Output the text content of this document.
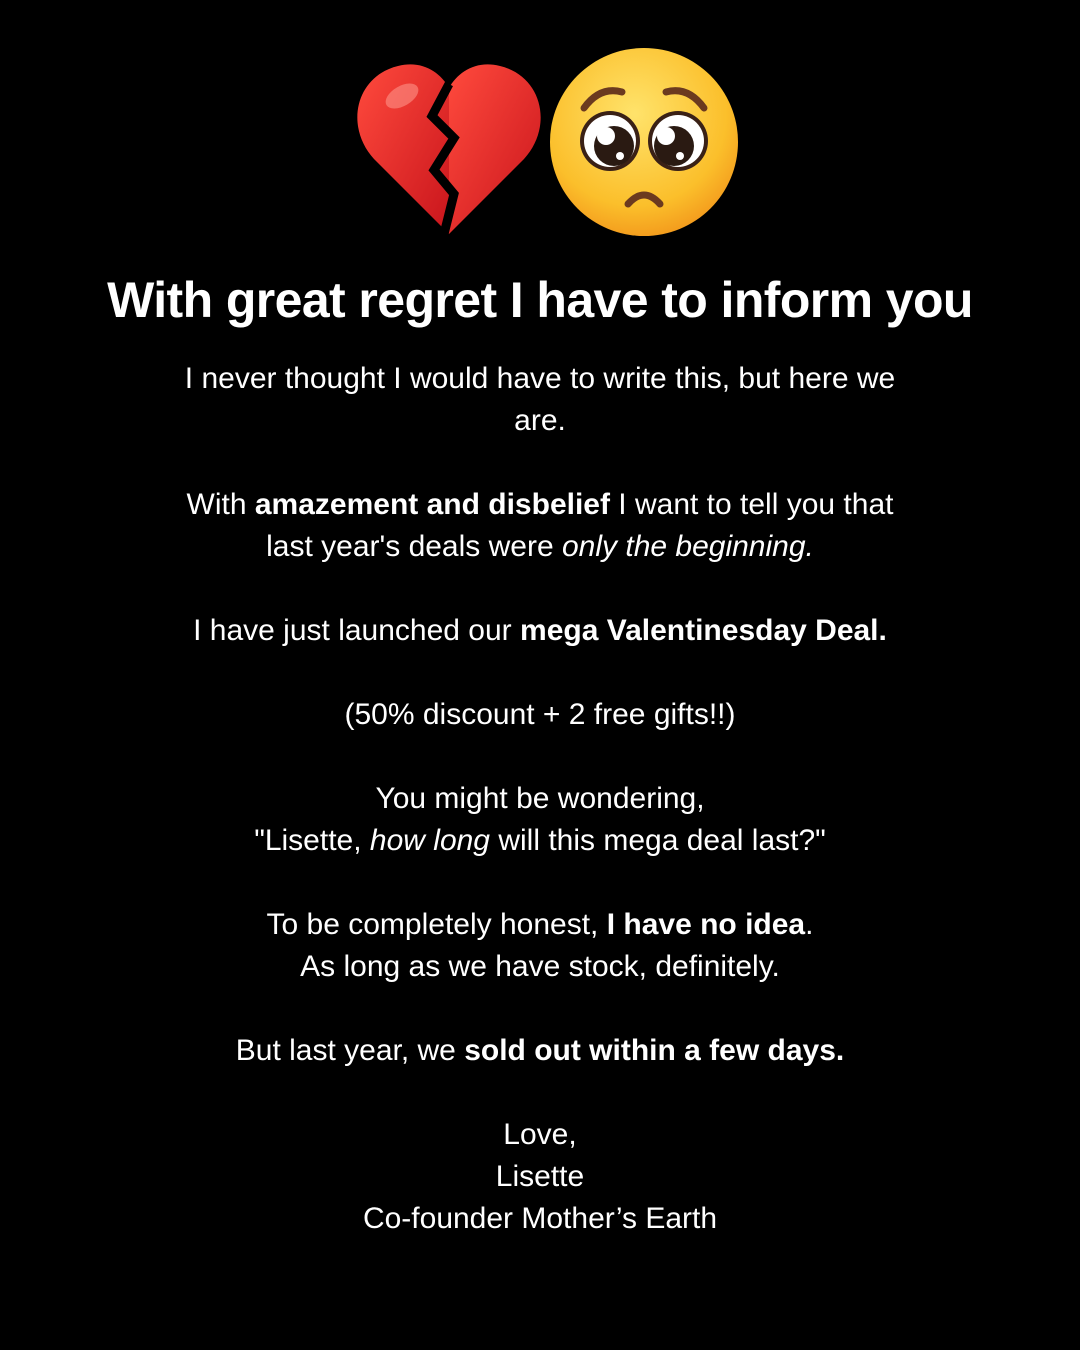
With great regret I have to inform you

I never thought I would have to write this, but here we
are.

With amazement and disbelief I want to tell you that
last year's deals were only the beginning.

I have just launched our mega Valentinesday Deal.

(50% discount + 2 free gifts!!)

You might be wondering,
"Lisette, how long will this mega deal last?"

To be completely honest, I have no idea.
As long as we have stock, definitely.

But last year, we sold out within a few days.

Love,
Lisette
Co-founder Mother’s Earth
